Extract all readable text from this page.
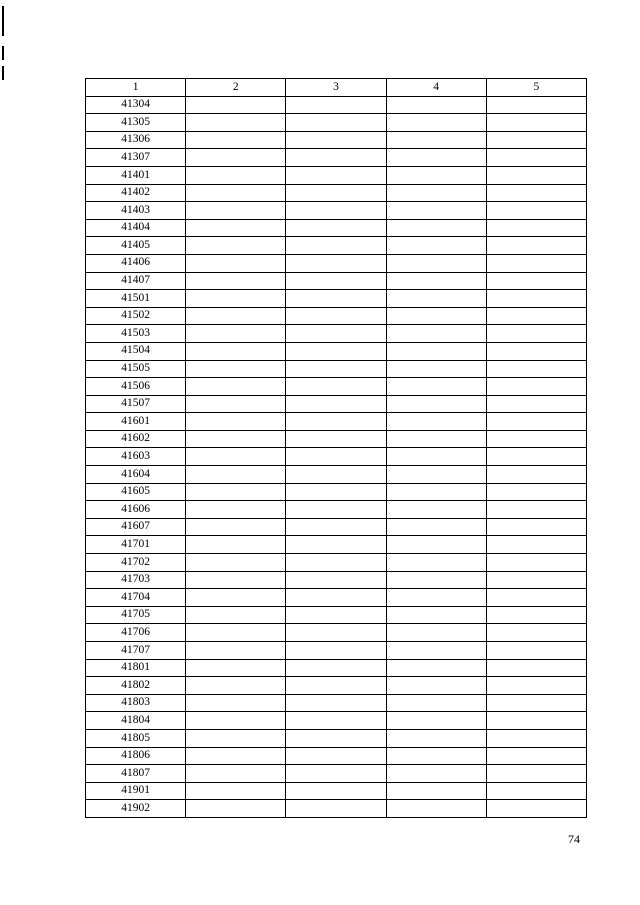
1	2	3	4	5
41304				
41305				
41306				
41307				
41401				
41402				
41403				
41404				
41405				
41406				
41407				
41501				
41502				
41503				
41504				
41505				
41506				
41507				
41601				
41602				
41603				
41604				
41605				
41606				
41607				
41701				
41702				
41703				
41704				
41705				
41706				
41707				
41801				
41802				
41803				
41804				
41805				
41806				
41807				
41901				
41902				
74
